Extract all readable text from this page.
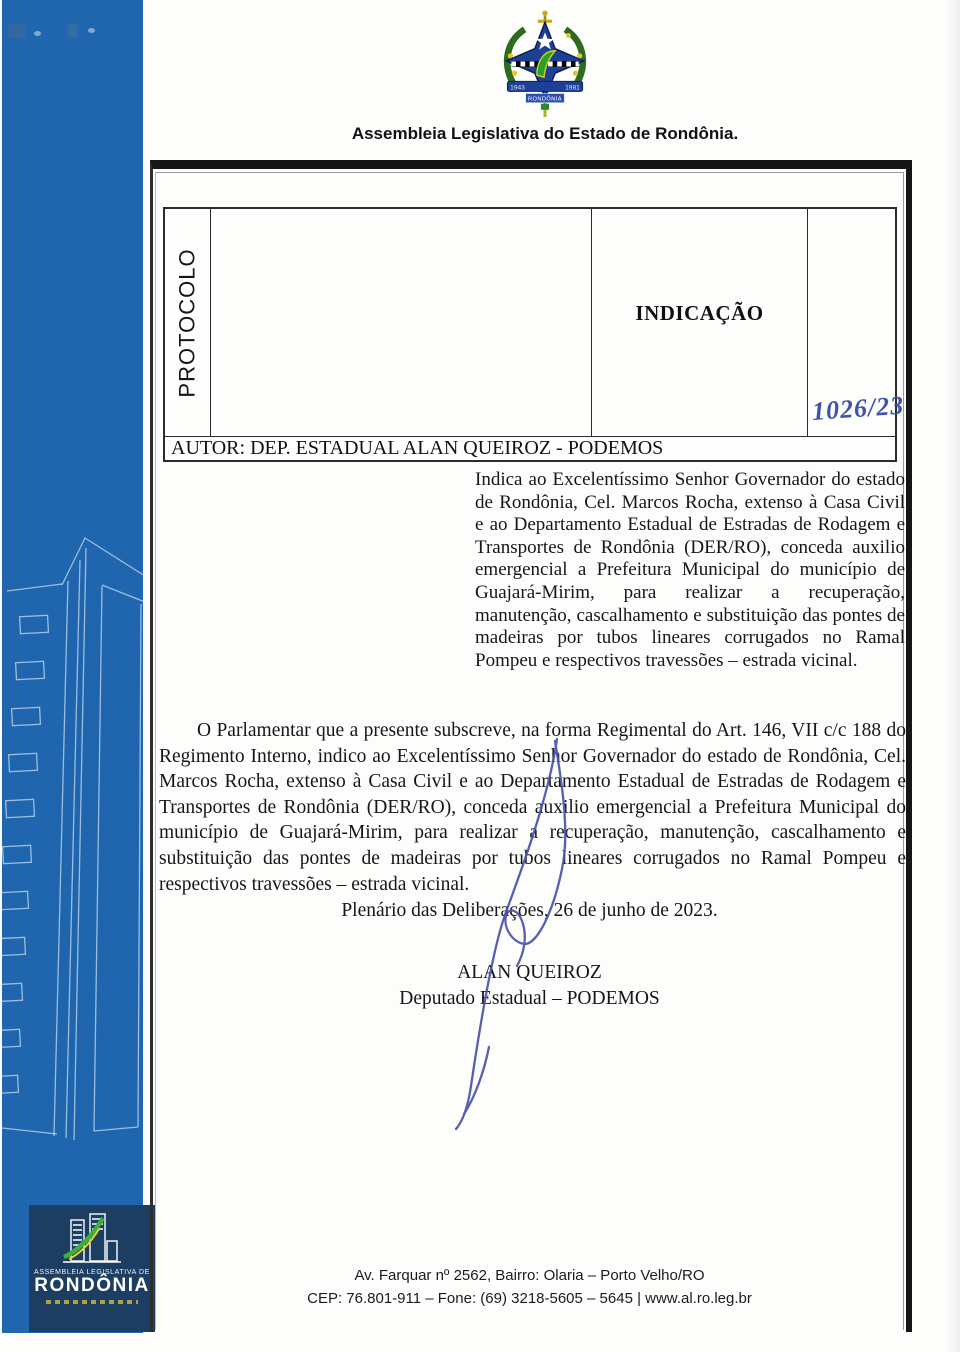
ASSEMBLEIA LEGISLATIVA DE
RONDÔNIA
1943	1981
RONDÔNIA
Assembleia Legislativa do Estado de Rondônia.
PROTOCOLO	INDICAÇÃO
1026/23
AUTOR: DEP. ESTADUAL ALAN QUEIROZ - PODEMOS
Indica ao Excelentíssimo Senhor Governador do estado de Rondônia, Cel. Marcos Rocha, extenso à Casa Civil e ao Departamento Estadual de Estradas de Rodagem e Transportes de Rondônia (DER/RO), conceda auxilio emergencial a Prefeitura Municipal do município de Guajará-Mirim, para realizar a recuperação, manutenção, cascalhamento e substituição das pontes de madeiras por tubos lineares corrugados no Ramal Pompeu e respectivos travessões – estrada vicinal.
O Parlamentar que a presente subscreve, na forma Regimental do Art. 146, VII c/c 188 do Regimento Interno, indico ao Excelentíssimo Senhor Governador do estado de Rondônia, Cel. Marcos Rocha, extenso à Casa Civil e ao Departamento Estadual de Estradas de Rodagem e Transportes de Rondônia (DER/RO), conceda auxilio emergencial a Prefeitura Municipal do município de Guajará-Mirim, para realizar a recuperação, manutenção, cascalhamento e substituição das pontes de madeiras por tubos lineares corrugados no Ramal Pompeu e respectivos travessões – estrada vicinal.
Plenário das Deliberações, 26 de junho de 2023.
ALAN QUEIROZ
Deputado Estadual – PODEMOS
Av. Farquar nº 2562, Bairro: Olaria – Porto Velho/RO
CEP: 76.801-911 – Fone: (69) 3218-5605 – 5645 | www.al.ro.leg.br
